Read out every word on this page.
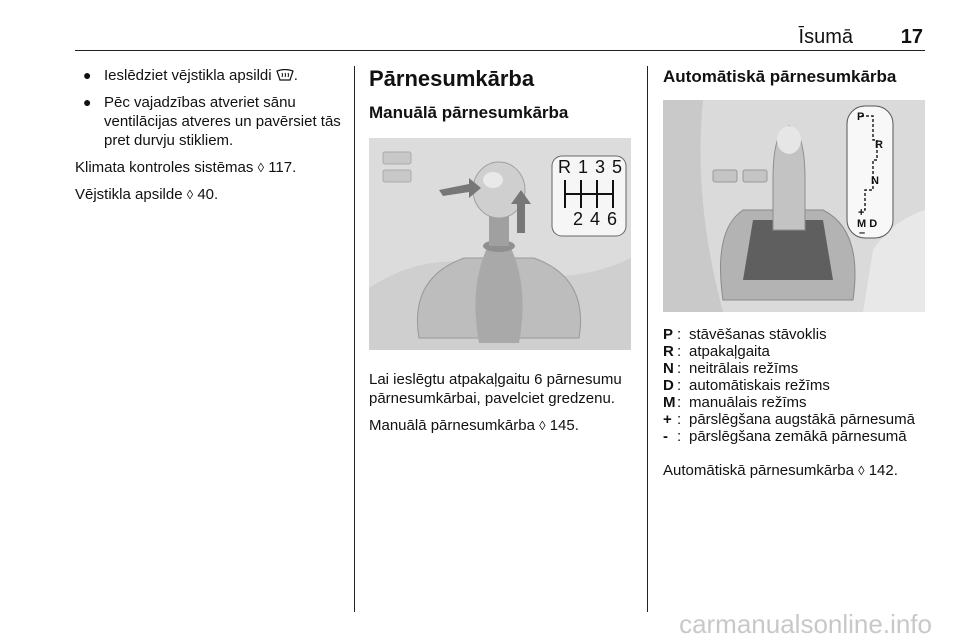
Īsumā 17
● Ieslēdziet vējstikla apsildi .
● Pēc vajadzības atveriet sānu ventilācijas atveres un pavērsiet tās pret durvju stikliem.

Klimata kontroles sistēmas ◊ 117.

Vējstikla apsilde ◊ 40.

Pārnesumkārba
Manuālā pārnesumkārba
R 1 3 5
2 4 6

Lai ieslēgtu atpakaļgaitu 6 pārnesumu pārnesumkārbai, pavelciet gredzenu.

Manuālā pārnesumkārba ◊ 145.

Automātiskā pārnesumkārba
P
R
N
+
M D
–
P : stāvēšanas stāvoklis
R : atpakaļgaita
N : neitrālais režīms
D : automātiskais režīms
M : manuālais režīms
+ : pārslēgšana augstākā pārnesumā
- : pārslēgšana zemākā pārnesumā

Automātiskā pārnesumkārba ◊ 142.

carmanualsonline.info
